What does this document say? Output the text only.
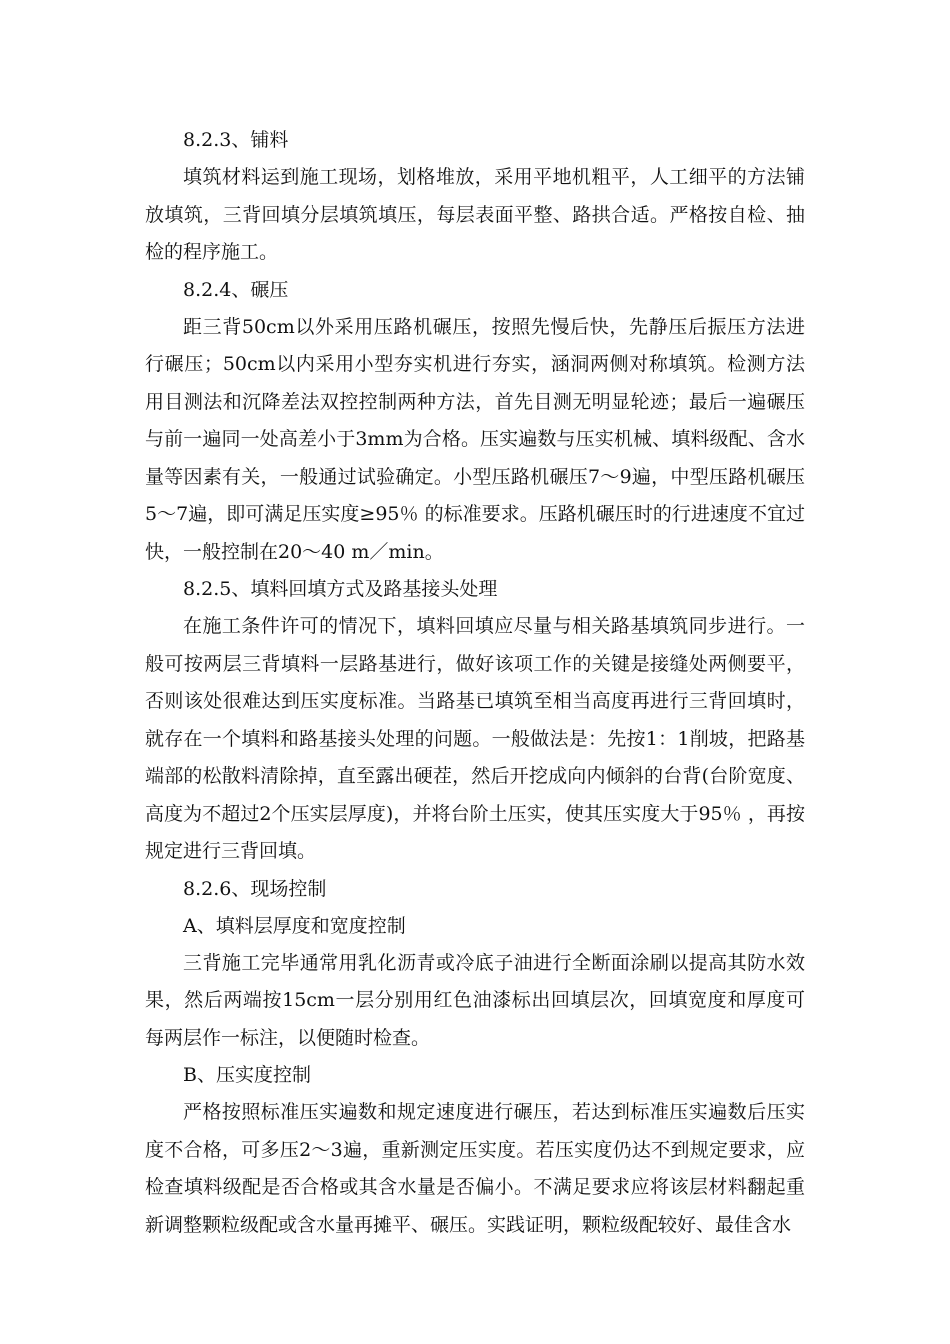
8.2.3、铺料

填筑材料运到施工现场，划格堆放，采用平地机粗平，人工细平的方法铺放填筑，三背回填分层填筑填压，每层表面平整、路拱合适。严格按自检、抽检的程序施工。

8.2.4、碾压

距三背50cm以外采用压路机碾压，按照先慢后快，先静压后振压方法进行碾压；50cm以内采用小型夯实机进行夯实，涵洞两侧对称填筑。检测方法用目测法和沉降差法双控控制两种方法，首先目测无明显轮迹；最后一遍碾压与前一遍同一处高差小于3mm为合格。压实遍数与压实机械、填料级配、含水量等因素有关，一般通过试验确定。小型压路机碾压7～9遍，中型压路机碾压5～7遍，即可满足压实度≥95％ 的标准要求。压路机碾压时的行进速度不宜过快，一般控制在20～40 m／min。

8.2.5、填料回填方式及路基接头处理

在施工条件许可的情况下，填料回填应尽量与相关路基填筑同步进行。一般可按两层三背填料一层路基进行，做好该项工作的关键是接缝处两侧要平，否则该处很难达到压实度标准。当路基已填筑至相当高度再进行三背回填时，就存在一个填料和路基接头处理的问题。一般做法是：先按1：1削坡，把路基端部的松散料清除掉，直至露出硬茬，然后开挖成向内倾斜的台背(台阶宽度、高度为不超过2个压实层厚度)，并将台阶土压实，使其压实度大于95％ ，再按规定进行三背回填。

8.2.6、现场控制

A、填料层厚度和宽度控制

三背施工完毕通常用乳化沥青或冷底子油进行全断面涂刷以提高其防水效果，然后两端按15cm一层分别用红色油漆标出回填层次，回填宽度和厚度可每两层作一标注，以便随时检查。

B、压实度控制

严格按照标准压实遍数和规定速度进行碾压，若达到标准压实遍数后压实度不合格，可多压2～3遍，重新测定压实度。若压实度仍达不到规定要求，应检查填料级配是否合格或其含水量是否偏小。不满足要求应将该层材料翻起重新调整颗粒级配或含水量再摊平、碾压。实践证明，颗粒级配较好、最佳含水
